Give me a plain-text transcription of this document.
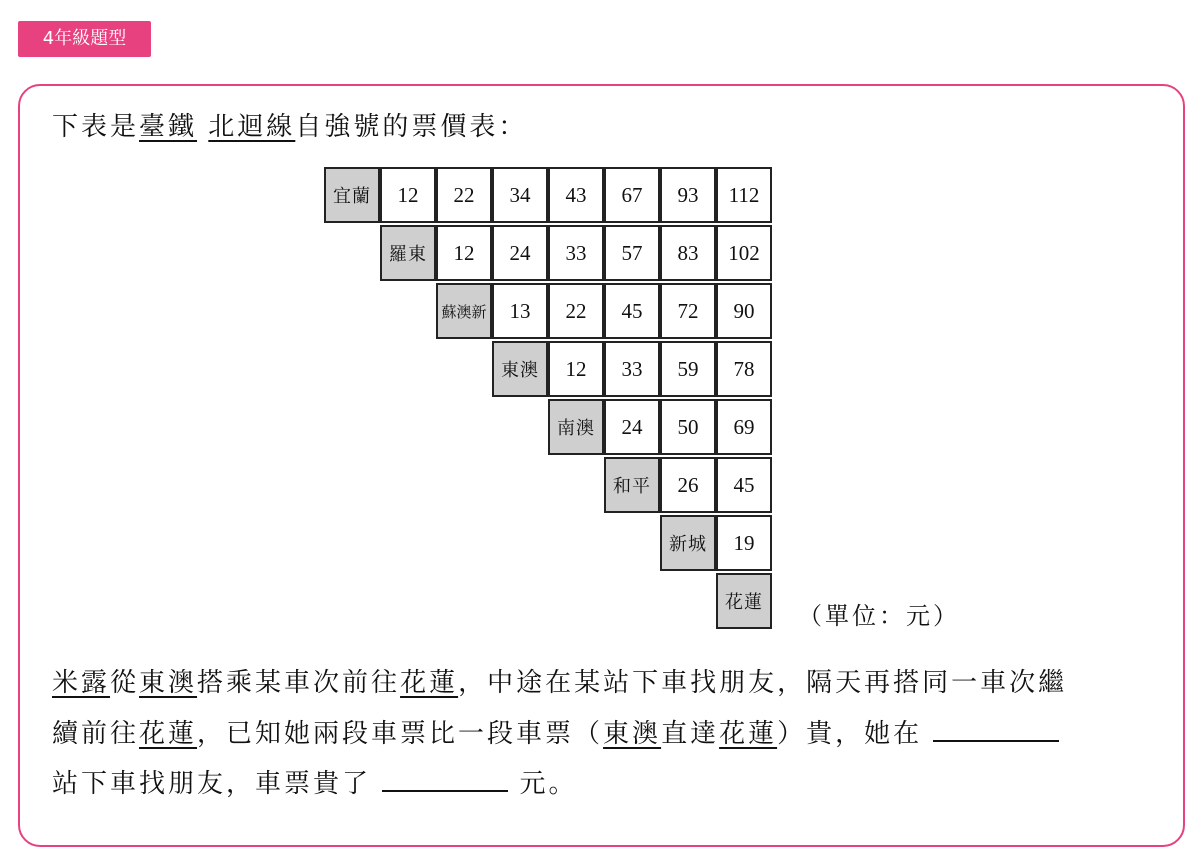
4年級題型
下表是臺鐵 北迴線自強號的票價表：
宜蘭	12	22	34	43	67	93	112
羅東	12	24	33	57	83	102
蘇澳新	13	22	45	72	90
東澳	12	33	59	78
南澳	24	50	69
和平	26	45
新城	19
花蓮	（單位：元）
米露從東澳搭乘某車次前往花蓮，中途在某站下車找朋友，隔天再搭同一車次繼
續前往花蓮，已知她兩段車票比一段車票（東澳直達花蓮）貴，她在
站下車找朋友，車票貴了	元。
